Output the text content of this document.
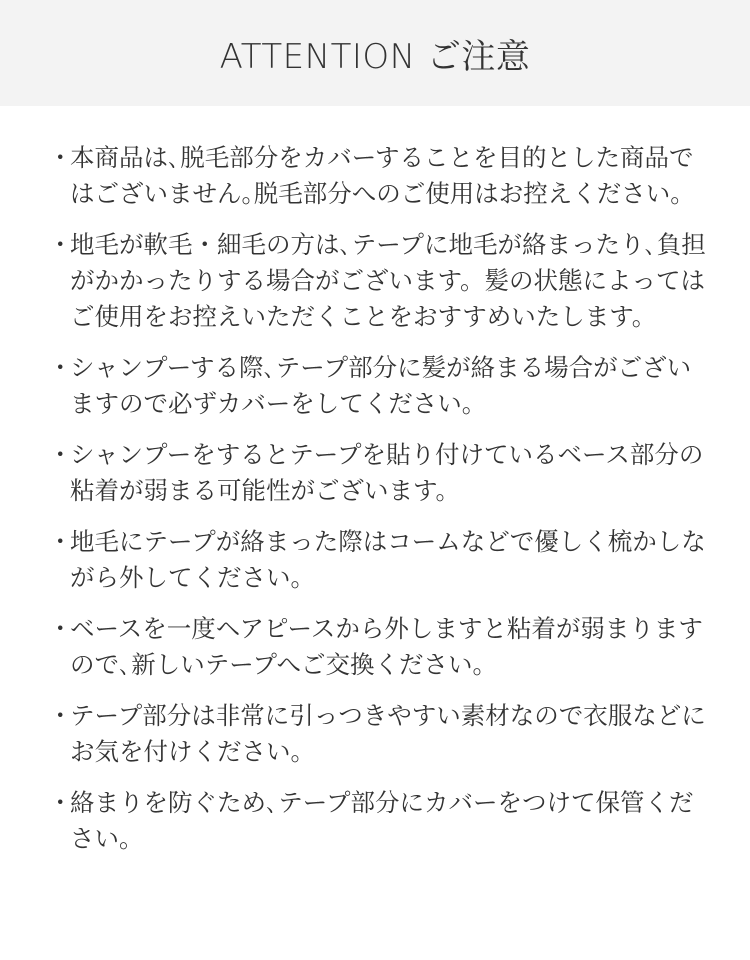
ATTENTION ご注意
・
本商品は､脱毛部分をカバーすることを目的とした商品ではございません｡脱毛部分へのご使用はお控えください｡
・
地毛が軟毛・細毛の方は､テープに地毛が絡まったり､負担がかかったりする場合がございます。髪の状態によってはご使用をお控えいただくことをおすすめいたします。
・
シャンプーする際､テープ部分に髪が絡まる場合がございますので必ずカバーをしてください。
・
シャンプーをするとテープを貼り付けているベース部分の粘着が弱まる可能性がございます。
・
地毛にテープが絡まった際はコームなどで優しく梳かしながら外してください。
・
ベースを一度ヘアピースから外しますと粘着が弱まりますので､新しいテープへご交換ください。
・
テープ部分は非常に引っつきやすい素材なので衣服などにお気を付けください。
・
絡まりを防ぐため､テープ部分にカバーをつけて保管ください。
